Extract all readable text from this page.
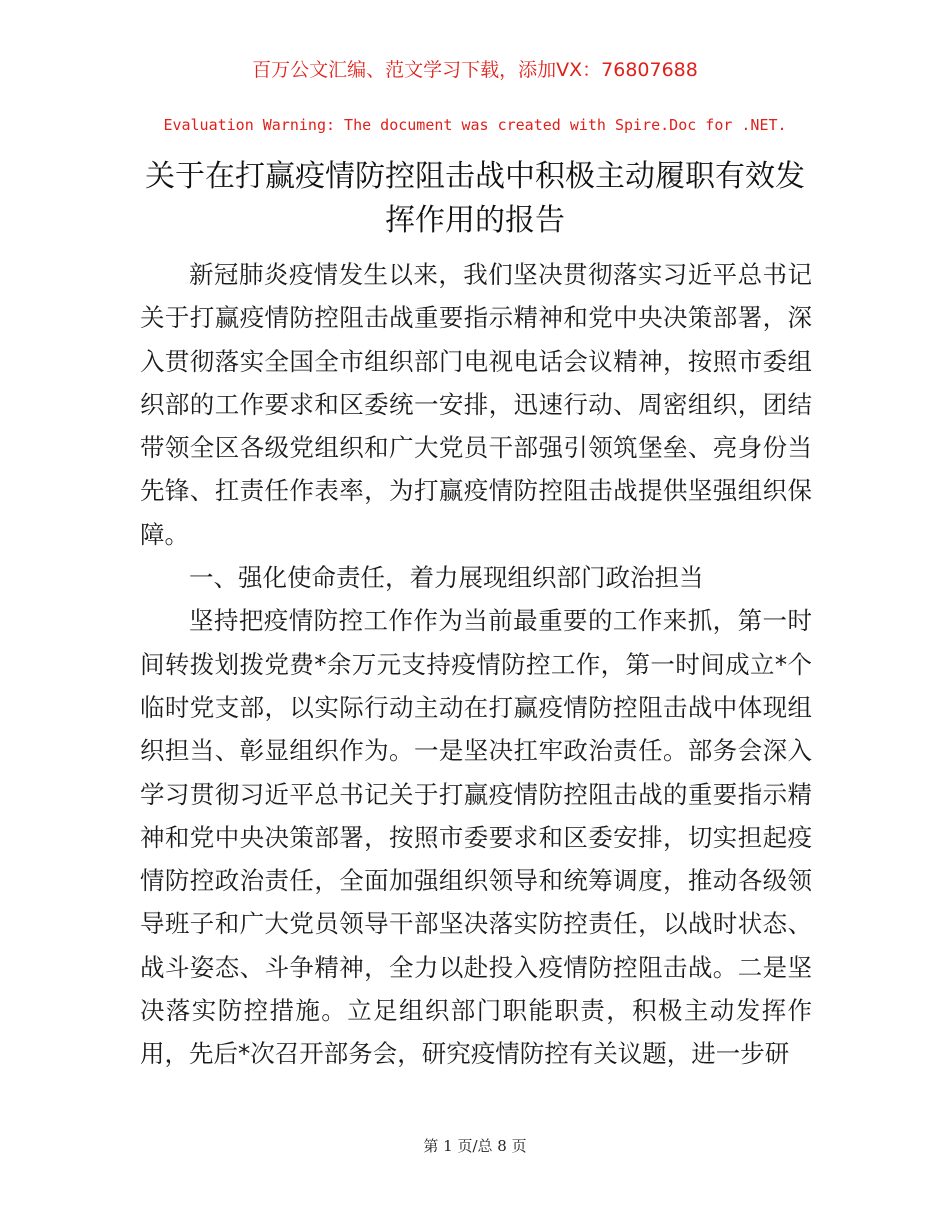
百万公文汇编、范文学习下载，添加VX：76807688
Evaluation Warning: The document was created with Spire.Doc for .NET.
关于在打赢疫情防控阻击战中积极主动履职有效发挥作用的报告

新冠肺炎疫情发生以来，我们坚决贯彻落实习近平总书记关于打赢疫情防控阻击战重要指示精神和党中央决策部署，深入贯彻落实全国全市组织部门电视电话会议精神，按照市委组织部的工作要求和区委统一安排，迅速行动、周密组织，团结带领全区各级党组织和广大党员干部强引领筑堡垒、亮身份当先锋、扛责任作表率，为打赢疫情防控阻击战提供坚强组织保障。

一、强化使命责任，着力展现组织部门政治担当

坚持把疫情防控工作作为当前最重要的工作来抓，第一时间转拨划拨党费*余万元支持疫情防控工作，第一时间成立*个临时党支部，以实际行动主动在打赢疫情防控阻击战中体现组织担当、彰显组织作为。一是坚决扛牢政治责任。部务会深入学习贯彻习近平总书记关于打赢疫情防控阻击战的重要指示精神和党中央决策部署，按照市委要求和区委安排，切实担起疫情防控政治责任，全面加强组织领导和统筹调度，推动各级领导班子和广大党员领导干部坚决落实防控责任，以战时状态、战斗姿态、斗争精神，全力以赴投入疫情防控阻击战。二是坚决落实防控措施。立足组织部门职能职责，积极主动发挥作用，先后*次召开部务会，研究疫情防控有关议题，进一步研

第 1 页/总 8 页
